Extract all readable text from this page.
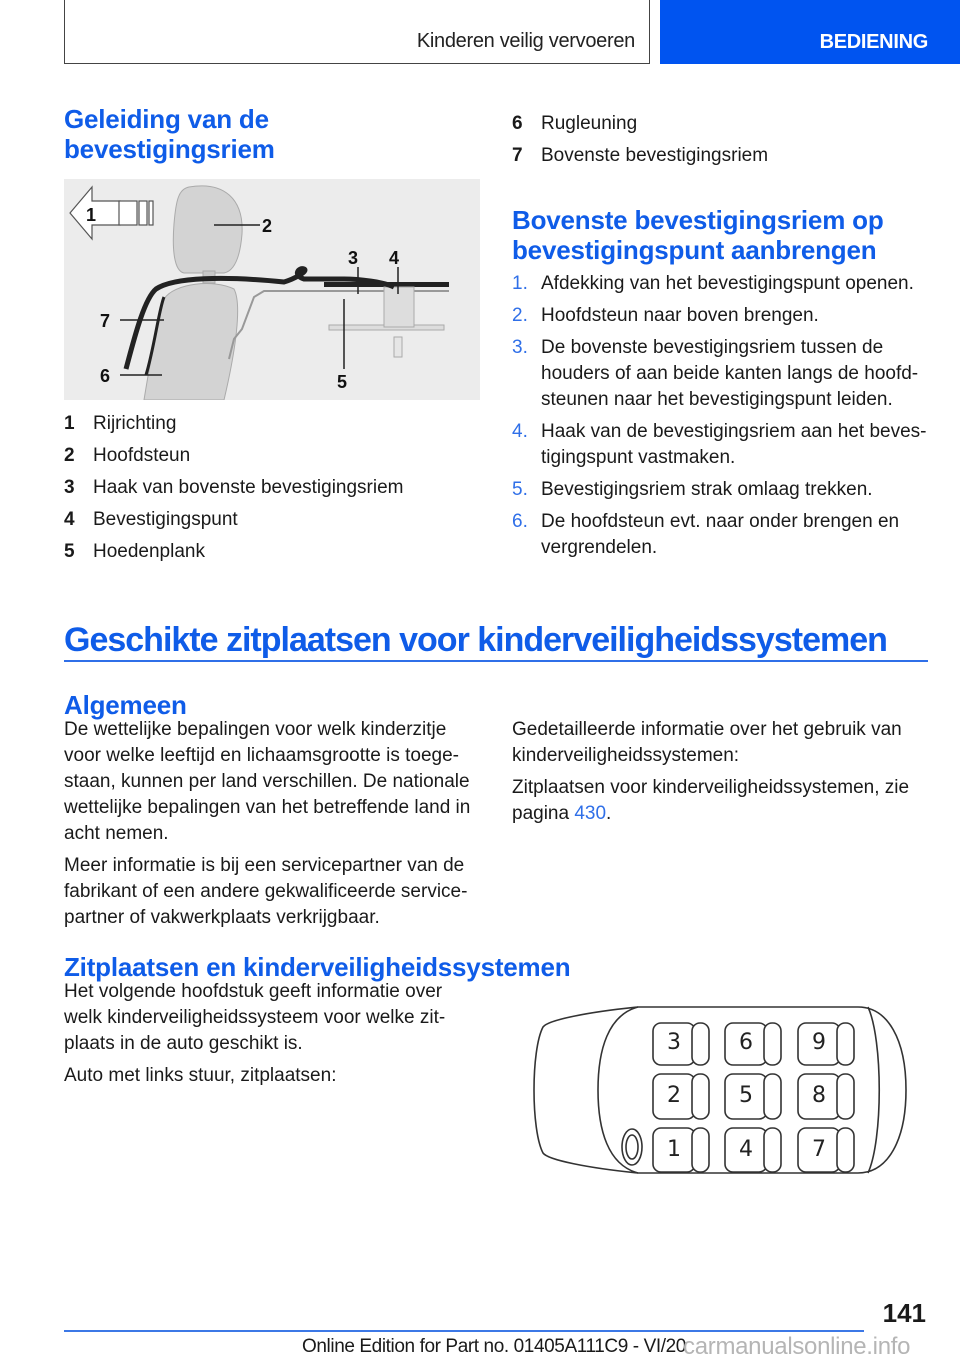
Kinderen veilig vervoeren	BEDIENING
Geleiding van de
bevestigingsriem
1
2
3 4
5
6
7
1 Rijrichting
2 Hoofdsteun
3 Haak van bovenste bevestigingsriem
4 Bevestigingspunt
5 Hoedenplank
6 Rugleuning
7 Bovenste bevestigingsriem
Bovenste bevestigingsriem op
bevestigingspunt aanbrengen
1. Afdekking van het bevestigingspunt openen.
2. Hoofdsteun naar boven brengen.
3. De bovenste bevestigingsriem tussen de houders of aan beide kanten langs de hoofd-steunen naar het bevestigingspunt leiden.
4. Haak van de bevestigingsriem aan het beves-tigingspunt vastmaken.
5. Bevestigingsriem strak omlaag trekken.
6. De hoofdsteun evt. naar onder brengen en vergrendelen.
Geschikte zitplaatsen voor kinderveiligheidssystemen
Algemeen

De wettelijke bepalingen voor welk kinderzitje voor welke leeftijd en lichaamsgrootte is toege-staan, kunnen per land verschillen. De nationale wettelijke bepalingen van het betreffende land in acht nemen.

Meer informatie is bij een servicepartner van de fabrikant of een andere gekwalificeerde service-partner of vakwerkplaats verkrijgbaar.

Gedetailleerde informatie over het gebruik van kinderveiligheidssystemen:

Zitplaatsen voor kinderveiligheidssystemen, zie pagina 430.

Zitplaatsen en kinderveiligheidssystemen

Het volgende hoofdstuk geeft informatie over welk kinderveiligheidssysteem voor welke zit-plaats in de auto geschikt is.

Auto met links stuur, zitplaatsen:

3	6	9
2	5	8
1	4	7
141
Online Edition for Part no. 01405A111C9 - VI/20
carmanualsonline.info
